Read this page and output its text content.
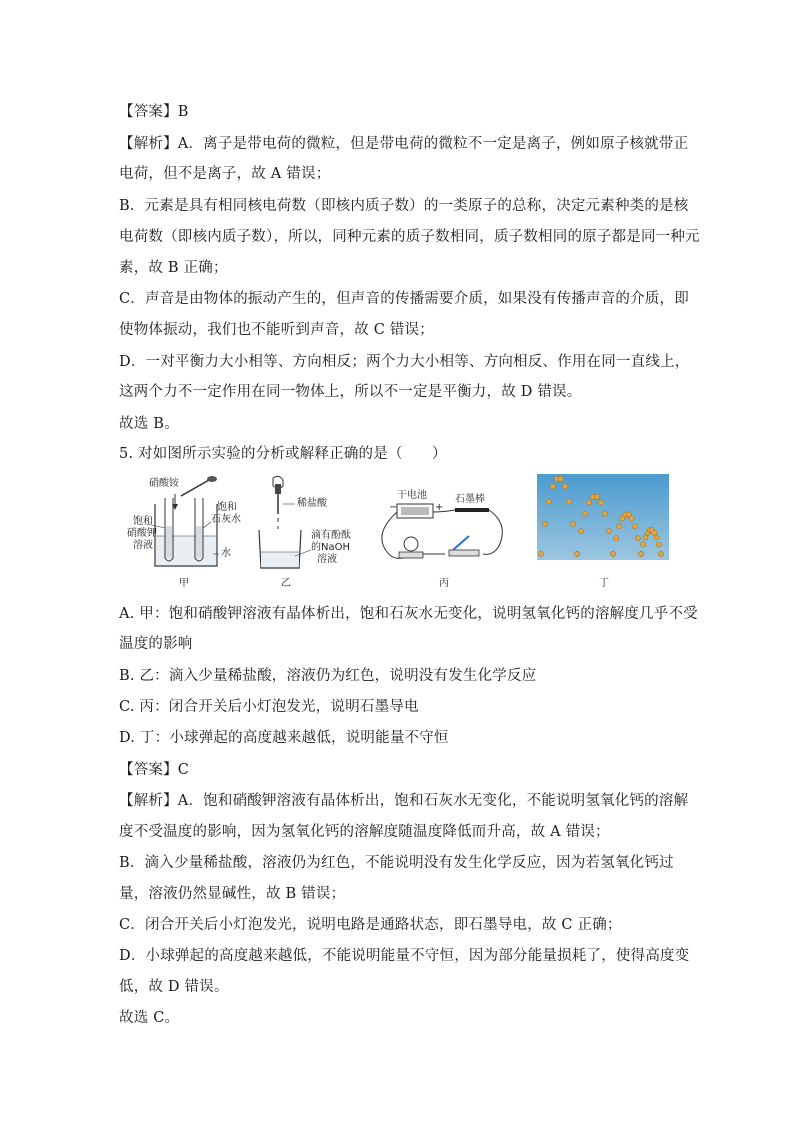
【答案】B
【解析】A．离子是带电荷的微粒，但是带电荷的微粒不一定是离子，例如原子核就带正
电荷，但不是离子，故 A 错误；
B．元素是具有相同核电荷数（即核内质子数）的一类原子的总称，决定元素种类的是核
电荷数（即核内质子数），所以，同种元素的质子数相同，质子数相同的原子都是同一种元
素，故 B 正确；
C．声音是由物体的振动产生的，但声音的传播需要介质，如果没有传播声音的介质，即
使物体振动，我们也不能听到声音，故 C 错误；
D．一对平衡力大小相等、方向相反；两个力大小相等、方向相反、作用在同一直线上，
这两个力不一定作用在同一物体上，所以不一定是平衡力，故 D 错误。
故选 B。
5. 对如图所示实验的分析或解释正确的是（　　）
硝酸铵
饱和
硝酸钾
溶液
饱和
石灰水
水
甲
稀盐酸
滴有酚酞
的NaOH
溶液
乙
干电池	石墨棒
−	+
丙	丁
A. 甲：饱和硝酸钾溶液有晶体析出，饱和石灰水无变化，说明氢氧化钙的溶解度几乎不受
温度的影响
B. 乙：滴入少量稀盐酸，溶液仍为红色，说明没有发生化学反应
C. 丙：闭合开关后小灯泡发光，说明石墨导电
D. 丁：小球弹起的高度越来越低，说明能量不守恒
【答案】C
【解析】A．饱和硝酸钾溶液有晶体析出，饱和石灰水无变化，不能说明氢氧化钙的溶解
度不受温度的影响，因为氢氧化钙的溶解度随温度降低而升高，故 A 错误；
B．滴入少量稀盐酸，溶液仍为红色，不能说明没有发生化学反应，因为若氢氧化钙过
量，溶液仍然显碱性，故 B 错误；
C．闭合开关后小灯泡发光，说明电路是通路状态，即石墨导电，故 C 正确；
D．小球弹起的高度越来越低，不能说明能量不守恒，因为部分能量损耗了，使得高度变
低，故 D 错误。
故选 C。
